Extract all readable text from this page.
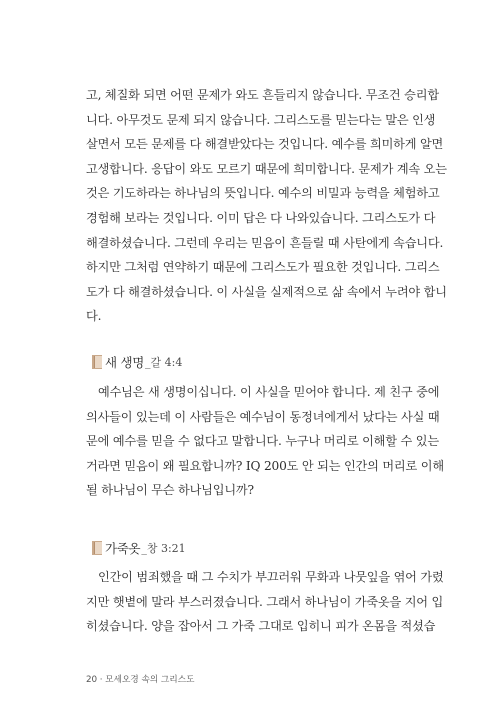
고, 체질화 되면 어떤 문제가 와도 흔들리지 않습니다. 무조건 승리합
니다. 아무것도 문제 되지 않습니다. 그리스도를 믿는다는 말은 인생
살면서 모든 문제를 다 해결받았다는 것입니다. 예수를 희미하게 알면
고생합니다. 응답이 와도 모르기 때문에 희미합니다. 문제가 계속 오는
것은 기도하라는 하나님의 뜻입니다. 예수의 비밀과 능력을 체험하고
경험해 보라는 것입니다. 이미 답은 다 나와있습니다. 그리스도가 다
해결하셨습니다. 그런데 우리는 믿음이 흔들릴 때 사탄에게 속습니다.
하지만 그처럼 연약하기 때문에 그리스도가 필요한 것입니다. 그리스
도가 다 해결하셨습니다. 이 사실을 실제적으로 삶 속에서 누려야 합니
다.
새 생명 _갈 4:4
예수님은 새 생명이십니다. 이 사실을 믿어야 합니다. 제 친구 중에
의사들이 있는데 이 사람들은 예수님이 동정녀에게서 났다는 사실 때
문에 예수를 믿을 수 없다고 말합니다. 누구나 머리로 이해할 수 있는
거라면 믿음이 왜 필요합니까? IQ 200도 안 되는 인간의 머리로 이해
될 하나님이 무슨 하나님입니까?
가죽옷 _창 3:21
인간이 범죄했을 때 그 수치가 부끄러워 무화과 나뭇잎을 엮어 가렸
지만 햇볕에 말라 부스러졌습니다. 그래서 하나님이 가죽옷을 지어 입
히셨습니다. 양을 잡아서 그 가죽 그대로 입히니 피가 온몸을 적셨습
20 · 모세오경 속의 그리스도
